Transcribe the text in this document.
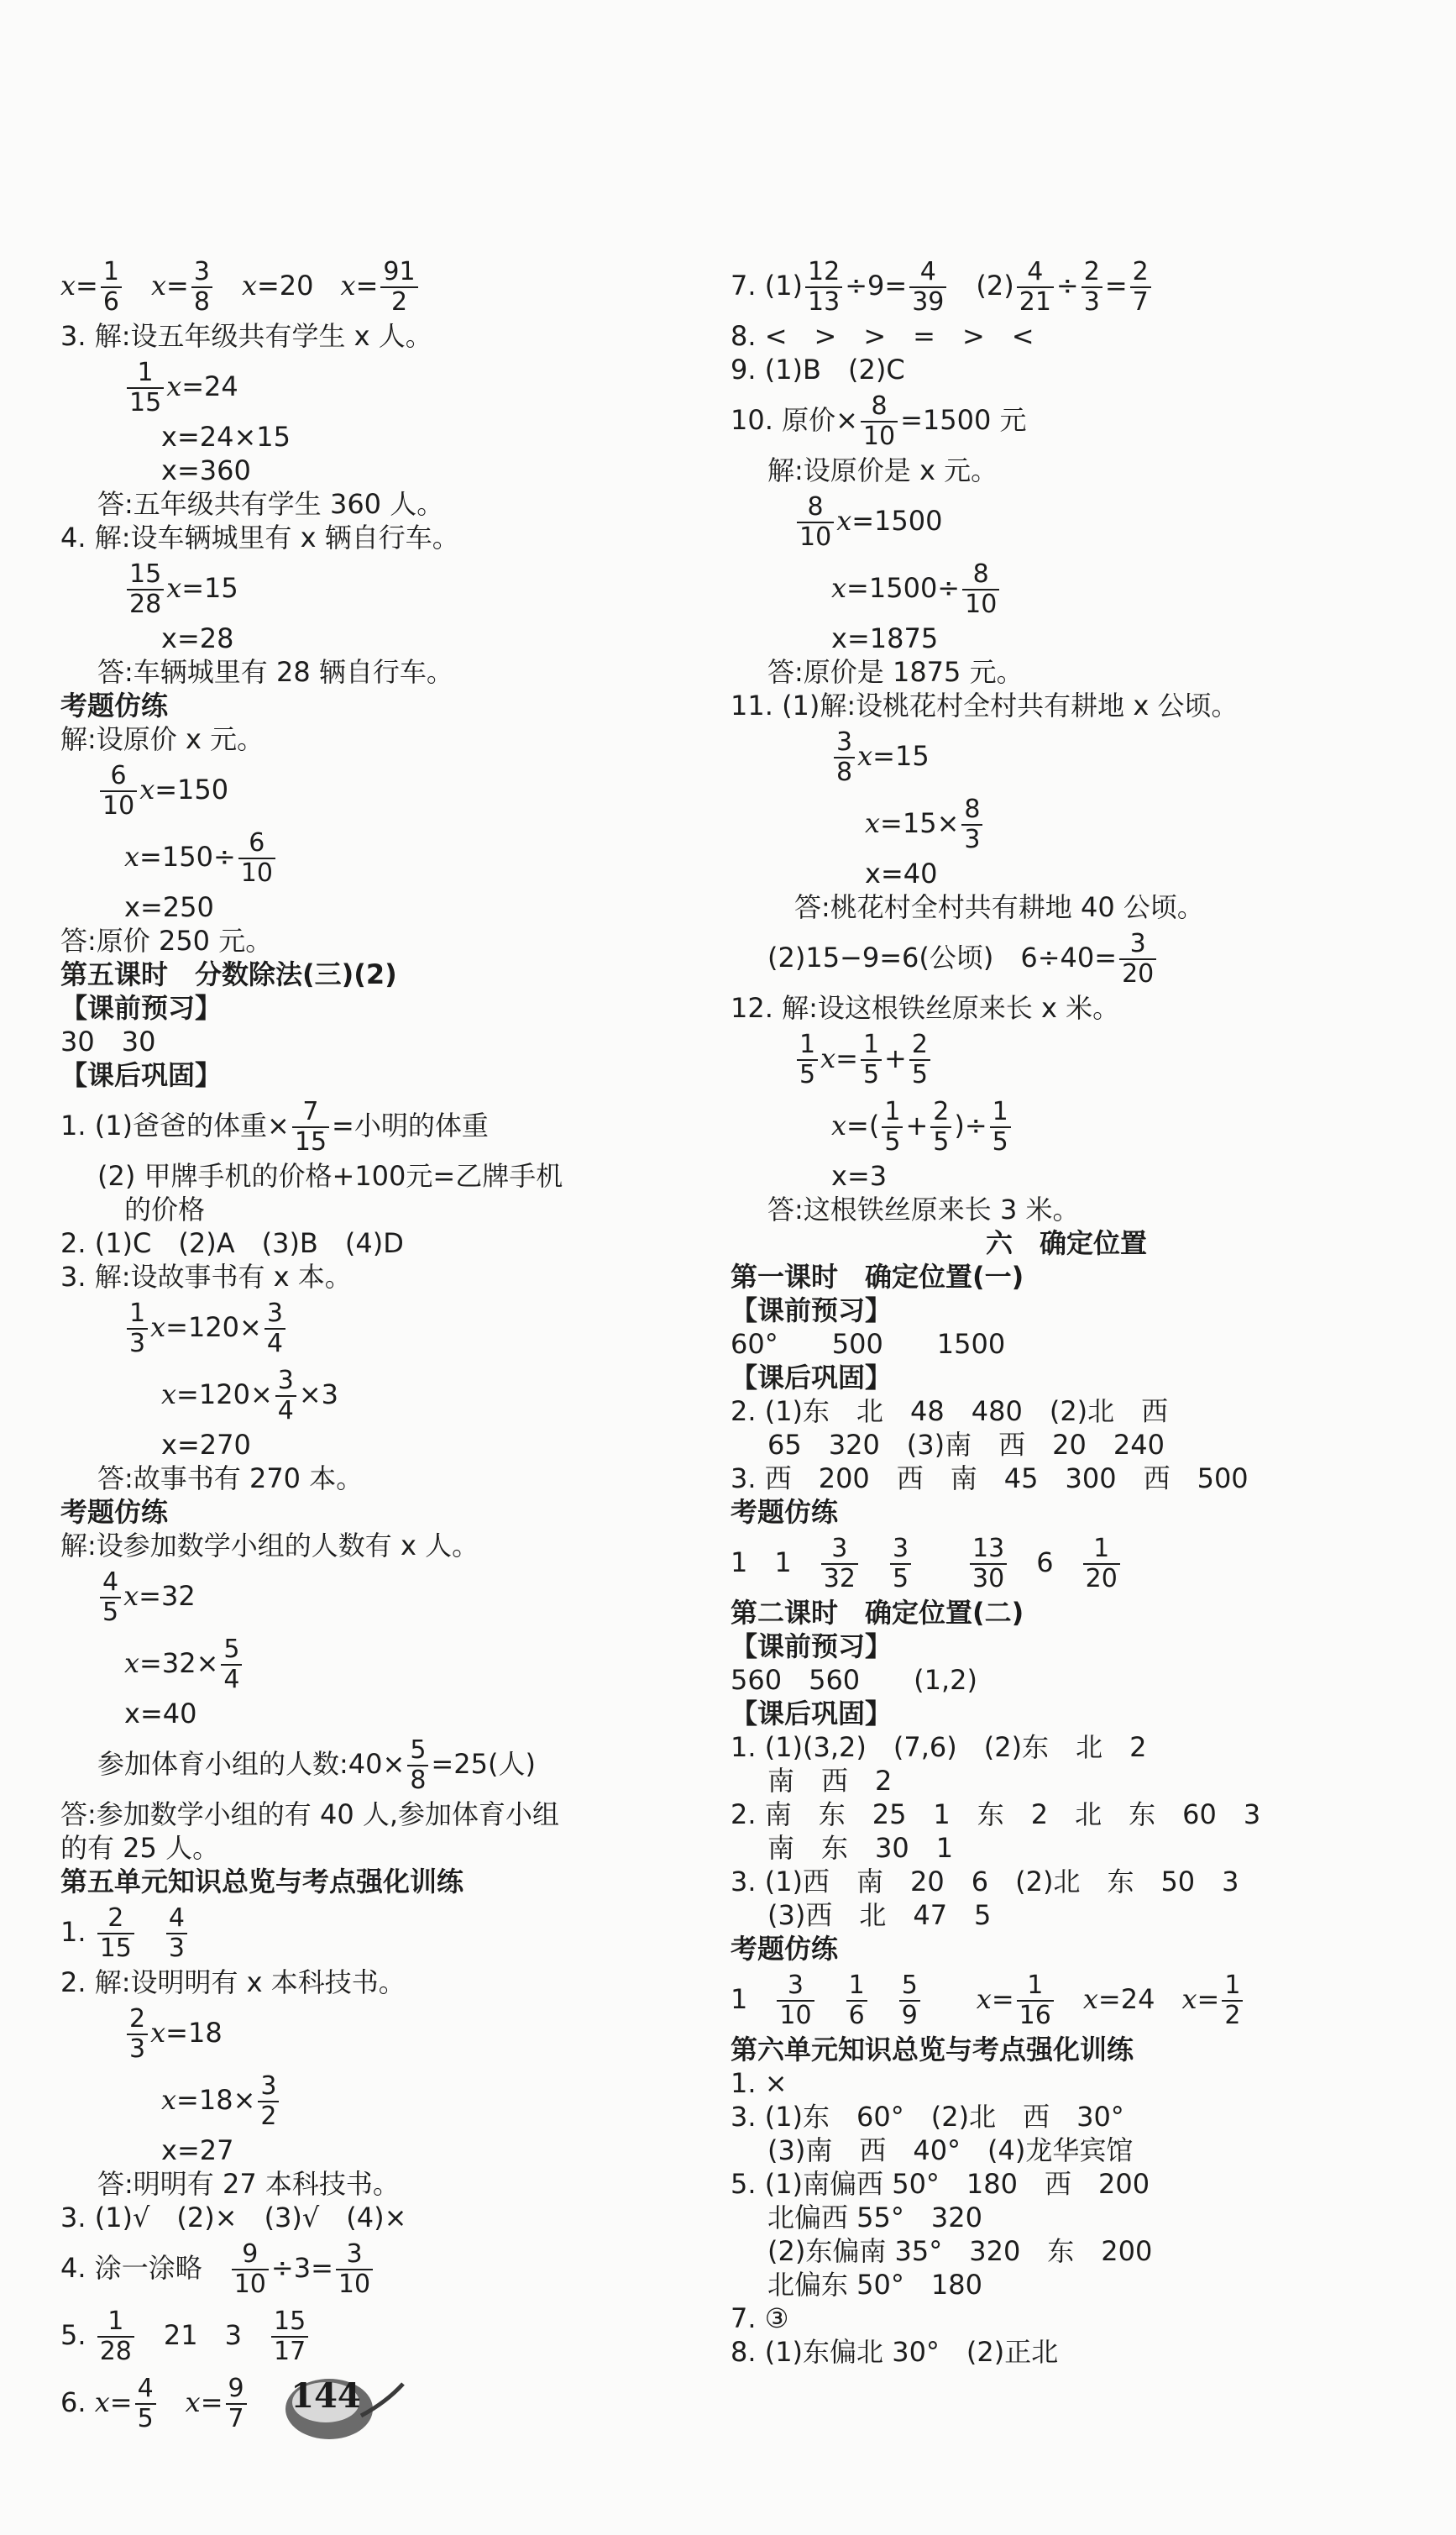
$x= \frac{1}{6}$
　 $x= \frac{3}{8}$
　 x=20　$x= \frac{91}{2}$
3. 解:设五年级共有学生 x 人。
$\frac{1}{15} x=24$
x=24×15
x=360
答:五年级共有学生 360 人。
4. 解:设车辆城里有 x 辆自行车。
$\frac{15}{28} x=15$
x=28
答:车辆城里有 28 辆自行车。
考题仿练
解:设原价 x 元。
$\frac{6}{10} x=150$
$x=150\div \frac{6}{10}$
x=250
答:原价 250 元。
第五课时　分数除法(三)(2)
【课前预习】
30　30
【课后巩固】
1. (1)爸爸的体重× $\frac{7}{15}$ =小明的体重
(2) 甲牌手机的价格+100元=乙牌手机
的价格
2. (1)C　(2)A　(3)B　(4)D
3. 解:设故事书有 x 本。
$\frac{1}{3} x=120\times \frac{3}{4}$
$x=120\times \frac{3}{4} \times 3$
x=270
答:故事书有 270 本。
考题仿练
解:设参加数学小组的人数有 x 人。
$\frac{4}{5} x=32$
$x=32\times \frac{5}{4}$
x=40
参加体育小组的人数:40× $\frac{5}{8} =25$(人)
答:参加数学小组的有 40 人,参加体育小组
的有 25 人。
第五单元知识总览与考点强化训练
1. $\frac{2}{15}$
　 $\frac{4}{3}$
2. 解:设明明有 x 本科技书。
$\frac{2}{3} x=18$
$x=18\times \frac{3}{2}$
x=27
答:明明有 27 本科技书。
3. (1)√　(2)×　(3)√　(4)×
4. 涂一涂略　 $\frac{9}{10} \div 3= \frac{3}{10}$
5. $\frac{1}{28}$ 　21　3　 $\frac{15}{17}$
6. $x= \frac{4}{5}$
　 $x= \frac{9}{7}$
7. $(1) \frac{12}{13} \div 9= \frac{4}{39}$ 　$(2) \frac{4}{21} \div \frac{2}{3} = \frac{2}{7}$
8. <　>　>　=　>　<
9. (1)B　(2)C
10. 原价× $\frac{8}{10} =1500$ 元
解:设原价是 x 元。
$\frac{8}{10} x=1500$
$x=1500\div \frac{8}{10}$
x=1875
答:原价是 1875 元。
11. (1)解:设桃花村全村共有耕地 x 公顷。
$\frac{3}{8} x=15$
$x=15\times \frac{8}{3}$
x=40
答:桃花村全村共有耕地 40 公顷。
(2)15−9=6(公顷)　$6\div 40= \frac{3}{20}$
12. 解:设这根铁丝原来长 x 米。
$\frac{1}{5} x= \frac{1}{5} + \frac{2}{5}$
$x=( \frac{1}{5} + \frac{2}{5}$ )÷ $\frac{1}{5}$
x=3
答:这根铁丝原来长 3 米。
六　确定位置
第一课时　确定位置(一)
【课前预习】
60°　　500　　1500
【课后巩固】
2. (1)东　北　48　480　(2)北　西
65　320　(3)南　西　20　240
3. 西　200　西　南　45　300　西　500
考题仿练
1　1　 $\frac{3}{32}$
　 $\frac{3}{5}$
　　 $\frac{13}{30}$ 　6　 $\frac{1}{20}$
第二课时　确定位置(二)
【课前预习】
560　560　　(1,2)
【课后巩固】
1. (1)(3,2)　(7,6)　(2)东　北　2
南　西　2
2. 南　东　25　1　东　2　北　东　60　3
南　东　30　1
3. (1)西　南　20　6　(2)北　东　50　3
(3)西　北　47　5
考题仿练
1　 $\frac{3}{10}$
　 $\frac{1}{6}$
　 $\frac{5}{9}$
　　 $x= \frac{1}{16}$
　 x=24　$x= \frac{1}{2}$
第六单元知识总览与考点强化训练
1. ×
3. (1)东　60°　(2)北　西　30°
(3)南　西　40°　(4)龙华宾馆
5. (1)南偏西 50°　180　西　200
北偏西 55°　320
(2)东偏南 35°　320　东　200
北偏东 50°　180
7. ③
8. (1)东偏北 30°　(2)正北
144
